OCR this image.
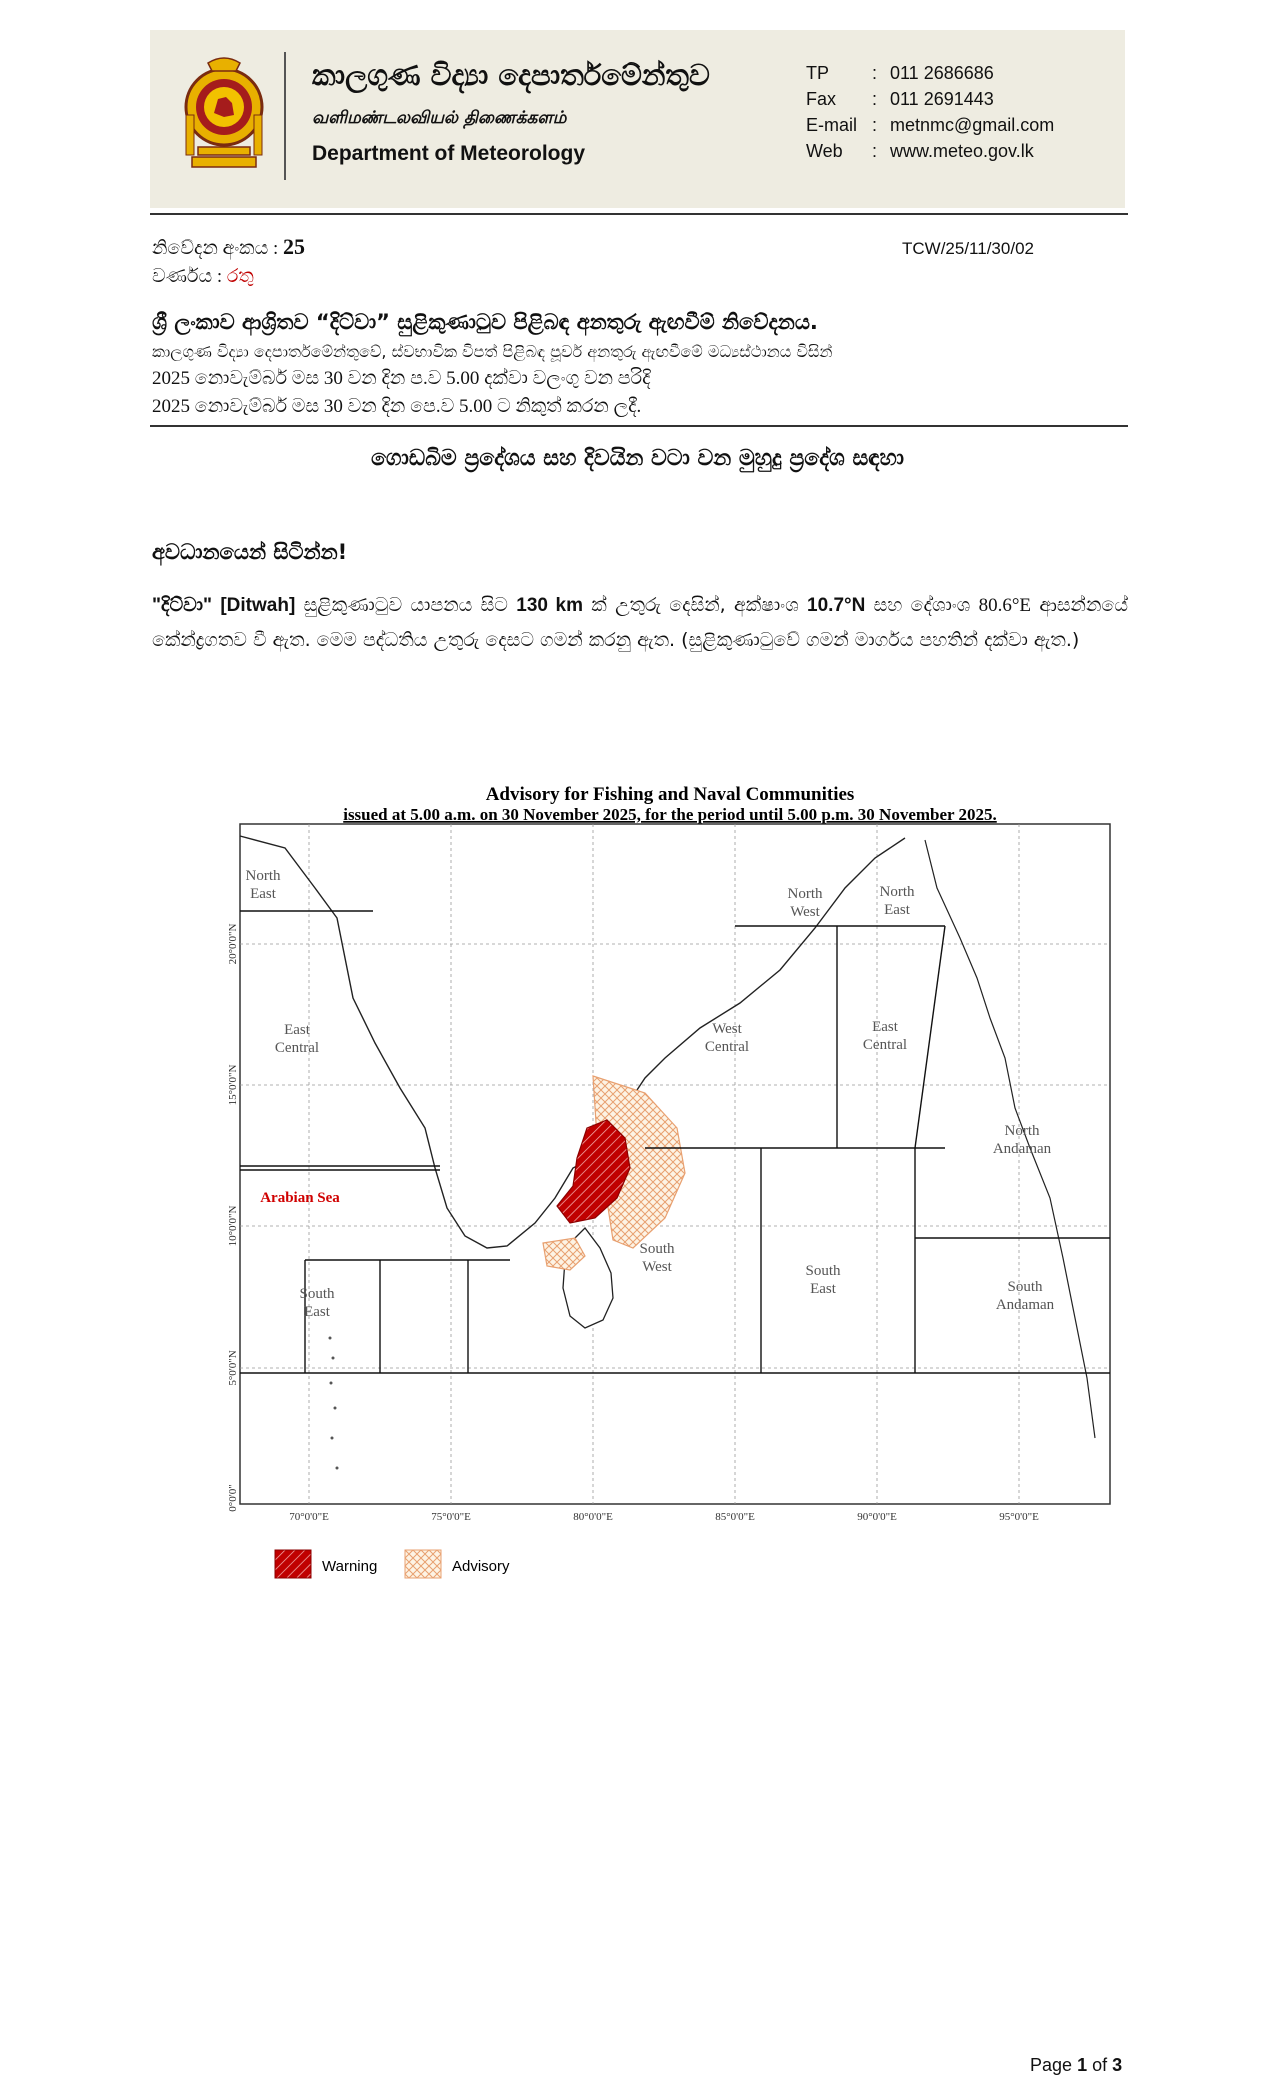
කාලගුණ විද්‍යා දෙපාර්තමේන්තුව
வளிமண்டலவியல் திணைக்களம்
Department of Meteorology
TP	: 011 2686686
Fax	: 011 2691443
E-mail : metnmc@gmail.com
Web	: www.meteo.gov.lk
නිවේදන අංකය : 25
වර්ණය : රතු
TCW/25/11/30/02
ශ්‍රී ලංකාව ආශ්‍රිතව “දිට්වා” සුළිකුණාටුව පිළිබඳ අනතුරු ඇඟවීම් නිවේදනය.
කාලගුණ විද්‍යා දෙපාර්තමේන්තුවේ, ස්වභාවික විපත් පිළිබඳ පූර්ව අනතුරු ඇඟවීමේ මධ්‍යස්ථානය විසින්
2025 නොවැම්බර් මස 30 වන දින ප.ව 5.00 දක්වා වලංගු වන පරිදි
2025 නොවැම්බර් මස 30 වන දින පෙ.ව 5.00 ට නිකුත් කරන ලදී.
ගොඩබිම ප්‍රදේශය සහ දිවයින වටා වන මුහුදු ප්‍රදේශ සඳහා
අවධානයෙන් සිටින්න!
"දිට්වා" [Ditwah] සුළිකුණාටුව යාපනය සිට 130 km ක් උතුරු දෙසින්, අක්ෂාංශ 10.7°N සහ දේශාංශ 80.6°E ආසන්නයේ කේන්ද්‍රගතව වී ඇත. මෙම පද්ධතිය උතුරු දෙසට ගමන් කරනු ඇත. (සුළිකුණාටුවේ ගමන් මාර්ගය පහතින් දක්වා ඇත.)
Advisory for Fishing and Naval Communities
issued at 5.00 a.m. on 30 November 2025, for the period until 5.00 p.m. 30 November 2025.
North
East
East
Central
South
East
North
West
North
East
West
Central
East
Central
North
Andaman
South
West	South
East	South
Andaman
Arabian Sea
20°0'0"N
15°0'0"N
10°0'0"N
5°0'0"N
0°0'0"
70°0'0"E	75°0'0"E	80°0'0"E	85°0'0"E	90°0'0"E	95°0'0"E
Warning	Advisory
Page 1 of 3
